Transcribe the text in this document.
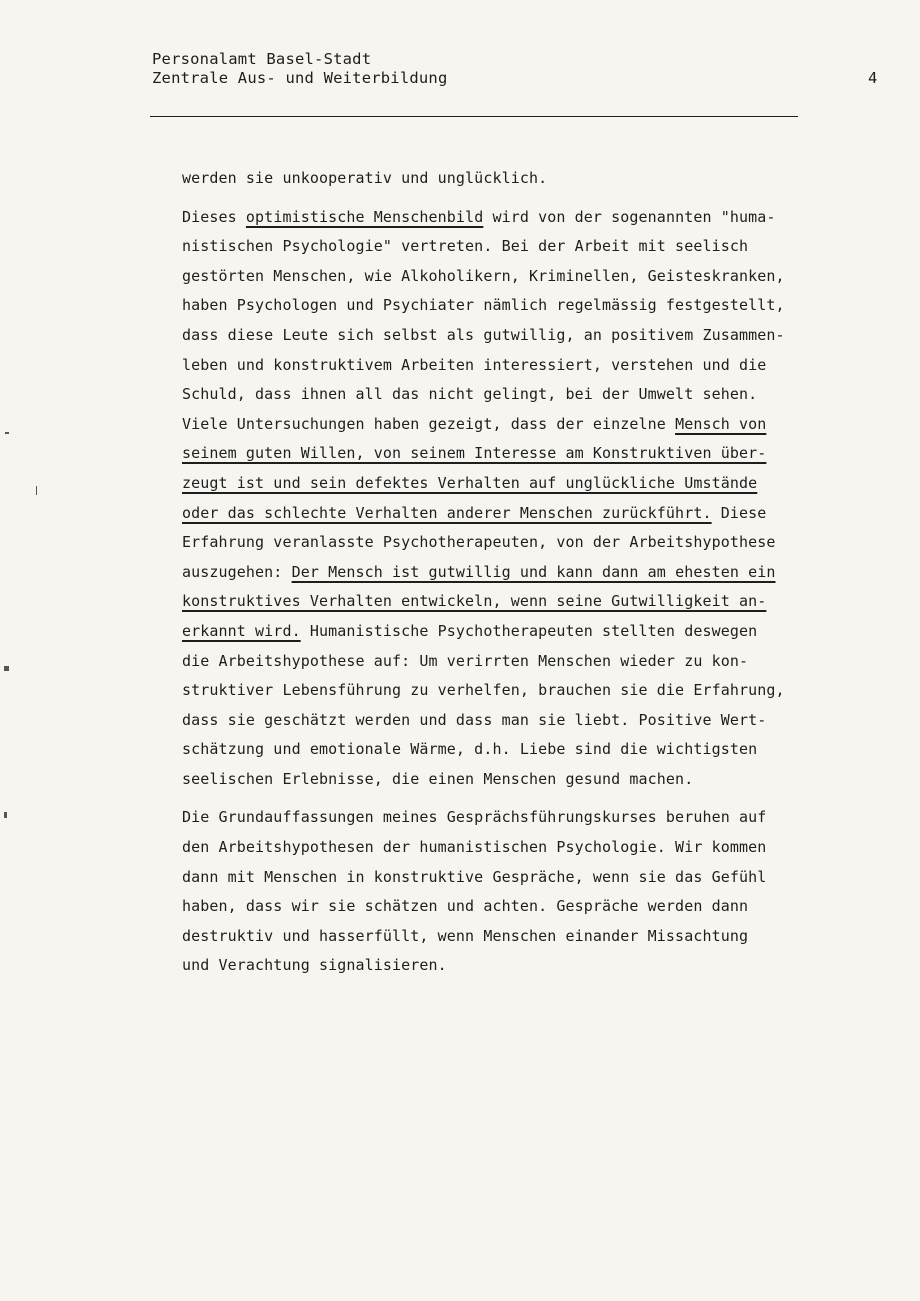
Personalamt Basel-Stadt
Zentrale Aus- und Weiterbildung	4
werden sie unkooperativ und unglücklich.
Dieses optimistische Menschenbild wird von der sogenannten "huma-
nistischen Psychologie" vertreten. Bei der Arbeit mit seelisch
gestörten Menschen, wie Alkoholikern, Kriminellen, Geisteskranken,
haben Psychologen und Psychiater nämlich regelmässig festgestellt,
dass diese Leute sich selbst als gutwillig, an positivem Zusammen-
leben und konstruktivem Arbeiten interessiert, verstehen und die
Schuld, dass ihnen all das nicht gelingt, bei der Umwelt sehen.
Viele Untersuchungen haben gezeigt, dass der einzelne Mensch von
seinem guten Willen, von seinem Interesse am Konstruktiven über-
zeugt ist und sein defektes Verhalten auf unglückliche Umstände
oder das schlechte Verhalten anderer Menschen zurückführt. Diese
Erfahrung veranlasste Psychotherapeuten, von der Arbeitshypothese
auszugehen: Der Mensch ist gutwillig und kann dann am ehesten ein
konstruktives Verhalten entwickeln, wenn seine Gutwilligkeit an-
erkannt wird. Humanistische Psychotherapeuten stellten deswegen
die Arbeitshypothese auf: Um verirrten Menschen wieder zu kon-
struktiver Lebensführung zu verhelfen, brauchen sie die Erfahrung,
dass sie geschätzt werden und dass man sie liebt. Positive Wert-
schätzung und emotionale Wärme, d.h. Liebe sind die wichtigsten
seelischen Erlebnisse, die einen Menschen gesund machen.
Die Grundauffassungen meines Gesprächsführungskurses beruhen auf
den Arbeitshypothesen der humanistischen Psychologie. Wir kommen
dann mit Menschen in konstruktive Gespräche, wenn sie das Gefühl
haben, dass wir sie schätzen und achten. Gespräche werden dann
destruktiv und hasserfüllt, wenn Menschen einander Missachtung
und Verachtung signalisieren.
